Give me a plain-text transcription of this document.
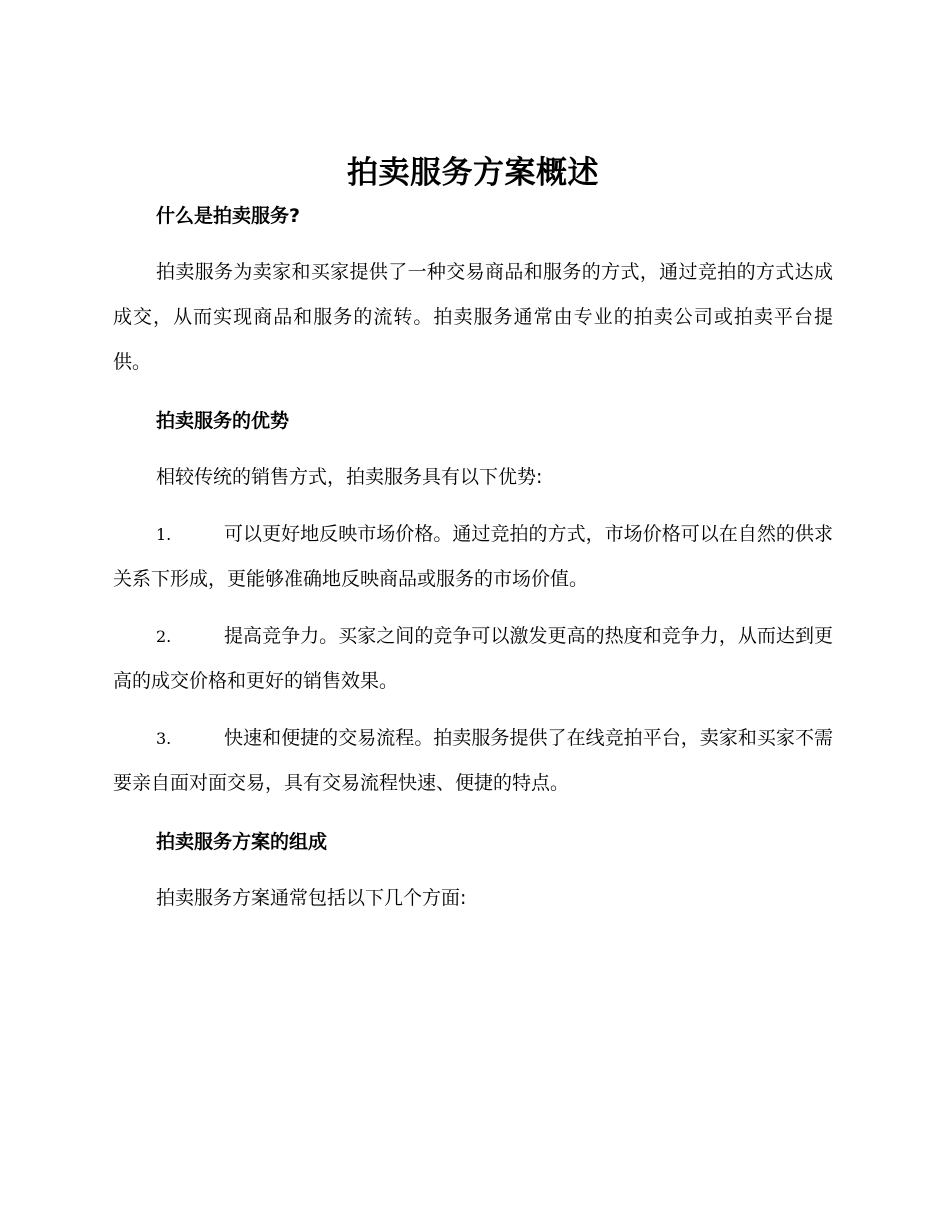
拍卖服务方案概述
什么是拍卖服务?

拍卖服务为卖家和买家提供了一种交易商品和服务的方式，通过竞拍的方式达成成交，从而实现商品和服务的流转。拍卖服务通常由专业的拍卖公司或拍卖平台提供。

拍卖服务的优势

相较传统的销售方式，拍卖服务具有以下优势:

1.	可以更好地反映市场价格。通过竞拍的方式，市场价格可以在自然的供求关系下形成，更能够准确地反映商品或服务的市场价值。

2.	提高竞争力。买家之间的竞争可以激发更高的热度和竞争力，从而达到更高的成交价格和更好的销售效果。

3.	快速和便捷的交易流程。拍卖服务提供了在线竞拍平台，卖家和买家不需要亲自面对面交易，具有交易流程快速、便捷的特点。

拍卖服务方案的组成

拍卖服务方案通常包括以下几个方面:
